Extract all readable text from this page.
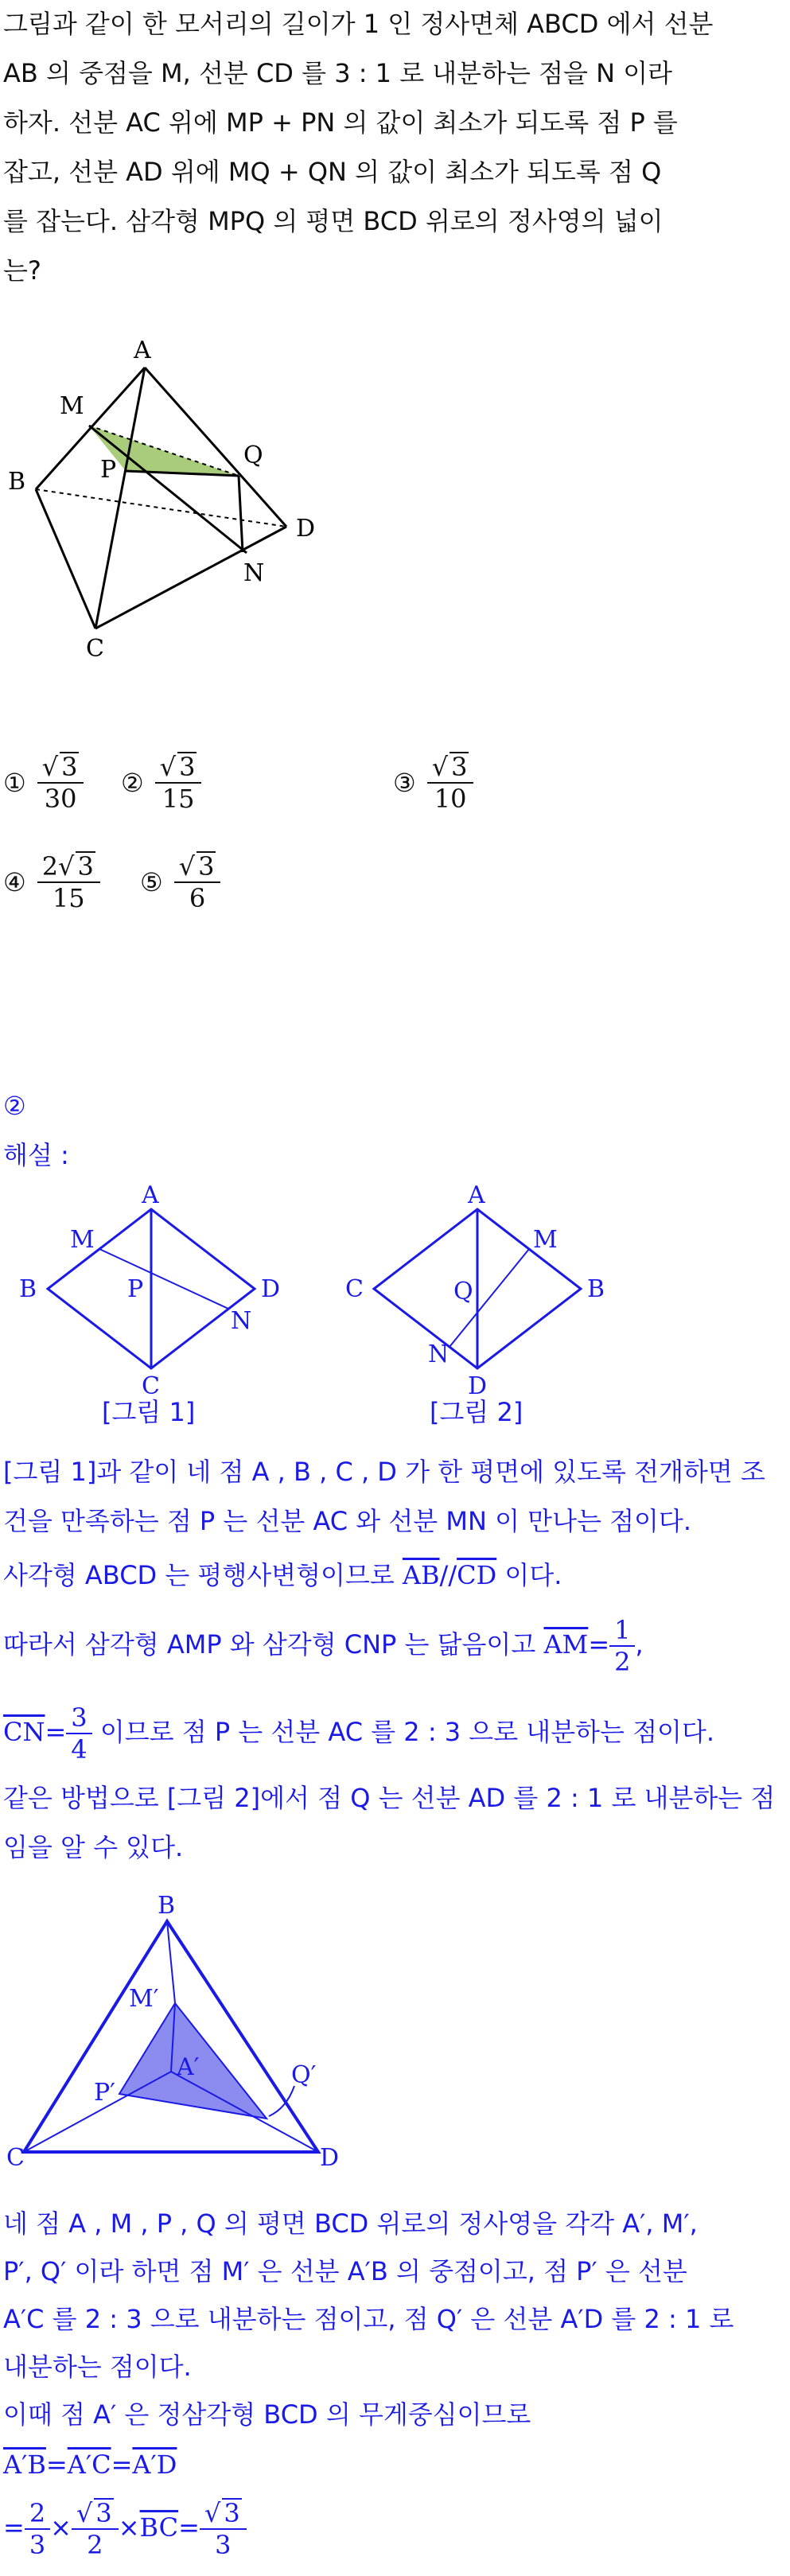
그림과 같이 한 모서리의 길이가 1 인 정사면체 ABCD 에서 선분
AB 의 중점을 M, 선분 CD 를 3 : 1 로 내분하는 점을 N 이라
하자. 선분 AC 위에 MP + PN 의 값이 최소가 되도록 점 P 를
잡고, 선분 AD 위에 MQ + QN 의 값이 최소가 되도록 점 Q
를 잡는다. 삼각형 MPQ 의 평면 BCD 위로의 정사영의 넓이
는?
A
M
B	P
Q
D
N
C
① $\frac{√ 3}{30}$ ② $\frac{√ 3}{15}$	③ $\frac{√ 3}{10}$
④ $\frac{2√ 3}{15}$ ⑤ $\frac{√ 3}{6}$
②
해설 :
A
M
B	P	D
N
C
[그림 1]
A
M
C	Q	B
N
D
[그림 2]
[그림 1]과 같이 네 점 A , B , C , D 가 한 평면에 있도록 전개하면 조
건을 만족하는 점 P 는 선분 AC 와 선분 MN 이 만나는 점이다.
사각형 ABCD 는 평행사변형이므로 $\overline{AB}//\overline{CD}$ 이다.
따라서 삼각형 AMP 와 삼각형 CNP 는 닮음이고 $\overline{AM}= \frac{1}{2}$ ,
$\overline{CN}= \frac{3}{4}$ 이므로 점 P 는 선분 AC 를 2 : 3 으로 내분하는 점이다.
같은 방법으로 [그림 2]에서 점 Q 는 선분 AD 를 2 : 1 로 내분하는 점
임을 알 수 있다.
B
M′
A′
P′
Q′
C	D
네 점 A , M , P , Q 의 평면 BCD 위로의 정사영을 각각 A′, M′,
P′, Q′ 이라 하면 점 M′ 은 선분 A′B 의 중점이고, 점 P′ 은 선분
A′C 를 2 : 3 으로 내분하는 점이고, 점 Q′ 은 선분 A′D 를 2 : 1 로
내분하는 점이다.
이때 점 A′ 은 정삼각형 BCD 의 무게중심이므로
A′B=A′C=A′D
= $\frac{2}{3} \times \frac{√ 3}{2} \times\overline{BC}= \frac{√ 3}{3}$
